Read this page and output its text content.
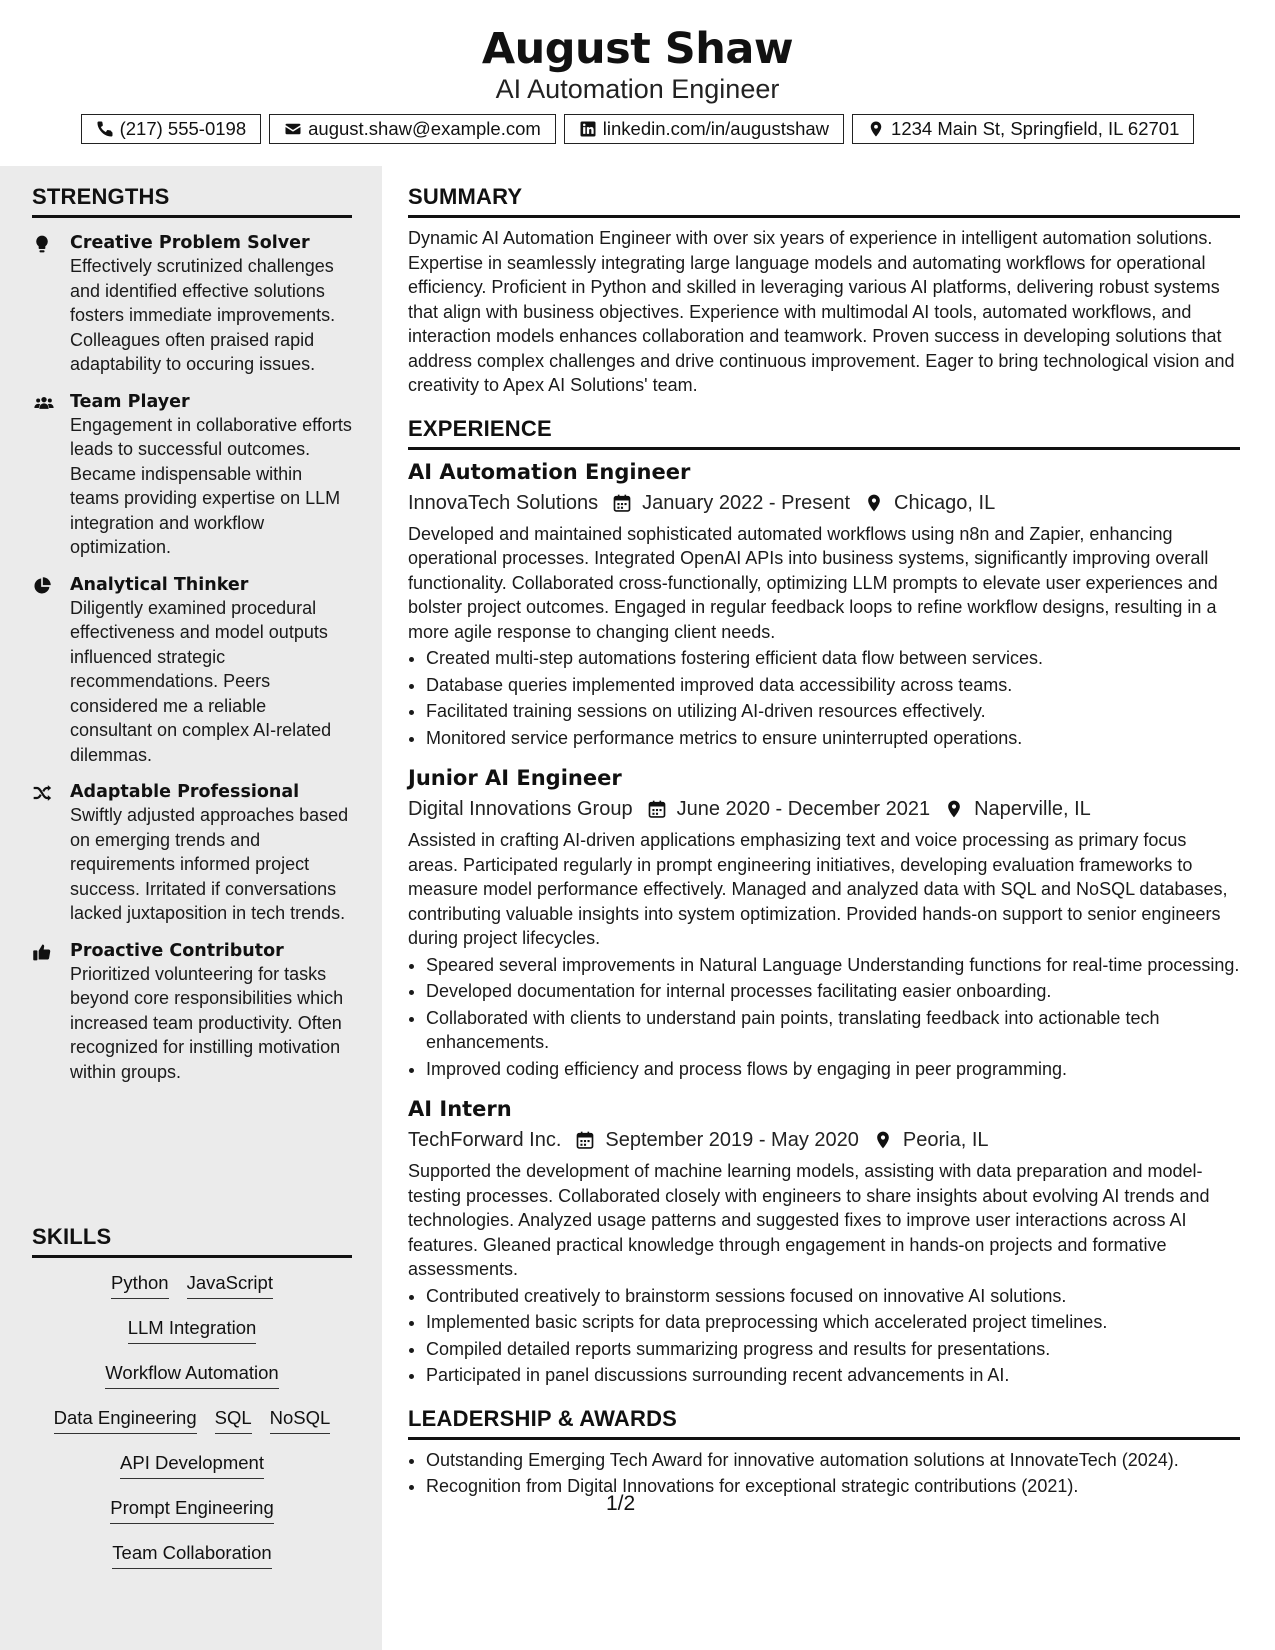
August Shaw
AI Automation Engineer
(217) 555-0198	august.shaw@example.com	linkedin.com/in/augustshaw	1234 Main St, Springfield, IL 62701
STRENGTHS
Creative Problem Solver
Effectively scrutinized challenges and identified effective solutions fosters immediate improvements. Colleagues often praised rapid adaptability to occuring issues.
Team Player
Engagement in collaborative efforts leads to successful outcomes. Became indispensable within teams providing expertise on LLM integration and workflow optimization.
Analytical Thinker
Diligently examined procedural effectiveness and model outputs influenced strategic recommendations. Peers considered me a reliable consultant on complex AI-related dilemmas.
Adaptable Professional
Swiftly adjusted approaches based on emerging trends and requirements informed project success. Irritated if conversations lacked juxtaposition in tech trends.
Proactive Contributor
Prioritized volunteering for tasks beyond core responsibilities which increased team productivity. Often recognized for instilling motivation within groups.
SKILLS
Python JavaScript
LLM Integration
Workflow Automation
Data Engineering SQL NoSQL
API Development
Prompt Engineering
Team Collaboration
SUMMARY
Dynamic AI Automation Engineer with over six years of experience in intelligent automation solutions. Expertise in seamlessly integrating large language models and automating workflows for operational efficiency. Proficient in Python and skilled in leveraging various AI platforms, delivering robust systems that align with business objectives. Experience with multimodal AI tools, automated workflows, and interaction models enhances collaboration and teamwork. Proven success in developing solutions that address complex challenges and drive continuous improvement. Eager to bring technological vision and creativity to Apex AI Solutions' team.
EXPERIENCE
AI Automation Engineer
InnovaTech Solutions January 2022 - Present Chicago, IL
Developed and maintained sophisticated automated workflows using n8n and Zapier, enhancing operational processes. Integrated OpenAI APIs into business systems, significantly improving overall functionality. Collaborated cross-functionally, optimizing LLM prompts to elevate user experiences and bolster project outcomes. Engaged in regular feedback loops to refine workflow designs, resulting in a more agile response to changing client needs.
• Created multi-step automations fostering efficient data flow between services.
• Database queries implemented improved data accessibility across teams.
• Facilitated training sessions on utilizing AI-driven resources effectively.
• Monitored service performance metrics to ensure uninterrupted operations.
Junior AI Engineer
Digital Innovations Group June 2020 - December 2021 Naperville, IL
Assisted in crafting AI-driven applications emphasizing text and voice processing as primary focus areas. Participated regularly in prompt engineering initiatives, developing evaluation frameworks to measure model performance effectively. Managed and analyzed data with SQL and NoSQL databases, contributing valuable insights into system optimization. Provided hands-on support to senior engineers during project lifecycles.
• Speared several improvements in Natural Language Understanding functions for real-time processing.
• Developed documentation for internal processes facilitating easier onboarding.
• Collaborated with clients to understand pain points, translating feedback into actionable tech enhancements.
• Improved coding efficiency and process flows by engaging in peer programming.
AI Intern
TechForward Inc. September 2019 - May 2020 Peoria, IL
Supported the development of machine learning models, assisting with data preparation and model-testing processes. Collaborated closely with engineers to share insights about evolving AI trends and technologies. Analyzed usage patterns and suggested fixes to improve user interactions across AI features. Gleaned practical knowledge through engagement in hands-on projects and formative assessments.
• Contributed creatively to brainstorm sessions focused on innovative AI solutions.
• Implemented basic scripts for data preprocessing which accelerated project timelines.
• Compiled detailed reports summarizing progress and results for presentations.
• Participated in panel discussions surrounding recent advancements in AI.
LEADERSHIP & AWARDS
• Outstanding Emerging Tech Award for innovative automation solutions at InnovateTech (2024).
• Recognition from Digital Innovations for exceptional strategic contributions (2021).
1/2
